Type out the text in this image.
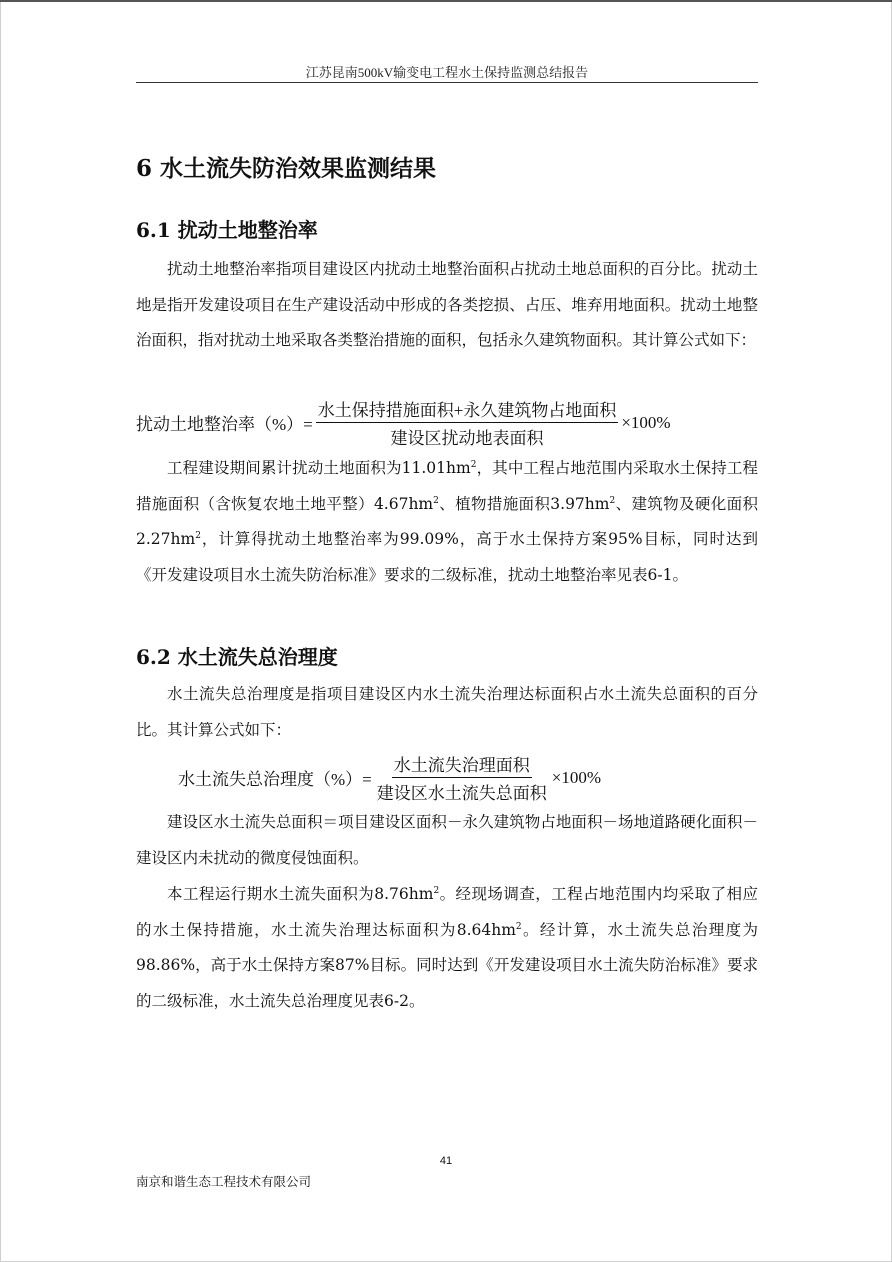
江苏昆南500kV输变电工程水土保持监测总结报告
6 水土流失防治效果监测结果
6.1 扰动土地整治率

扰动土地整治率指项目建设区内扰动土地整治面积占扰动土地总面积的百分比。扰动土地是指开发建设项目在生产建设活动中形成的各类挖损、占压、堆弃用地面积。扰动土地整治面积，指对扰动土地采取各类整治措施的面积，包括永久建筑物面积。其计算公式如下：

扰动土地整治率（%）= $\frac{\text{水土保持措施面积+永久建筑物占地面积}}{\text{建设区扰动地表面积}} \times 100\%$

工程建设期间累计扰动土地面积为$11.01hm^2$，其中工程占地范围内采取水土保持工程措施面积（含恢复农地土地平整）$4.67hm^2$、植物措施面积$3.97hm^2$、建筑物及硬化面积$2.27hm^2$，计算得扰动土地整治率为99.09%，高于水土保持方案95%目标，同时达到《开发建设项目水土流失防治标准》要求的二级标准，扰动土地整治率见表6-1。

6.2 水土流失总治理度

水土流失总治理度是指项目建设区内水土流失治理达标面积占水土流失总面积的百分比。其计算公式如下：

水土流失总治理度（%）= $\frac{\text{水土流失治理面积}}{\text{建设区水土流失总面积}} \times 100\%$

建设区水土流失总面积＝项目建设区面积－永久建筑物占地面积－场地道路硬化面积－建设区内未扰动的微度侵蚀面积。

本工程运行期水土流失面积为$8.76hm^2$。经现场调查，工程占地范围内均采取了相应的水土保持措施，水土流失治理达标面积为$8.64hm^2$。经计算，水土流失总治理度为98.86%，高于水土保持方案87%目标。同时达到《开发建设项目水土流失防治标准》要求的二级标准，水土流失总治理度见表6-2。

41
南京和谐生态工程技术有限公司
